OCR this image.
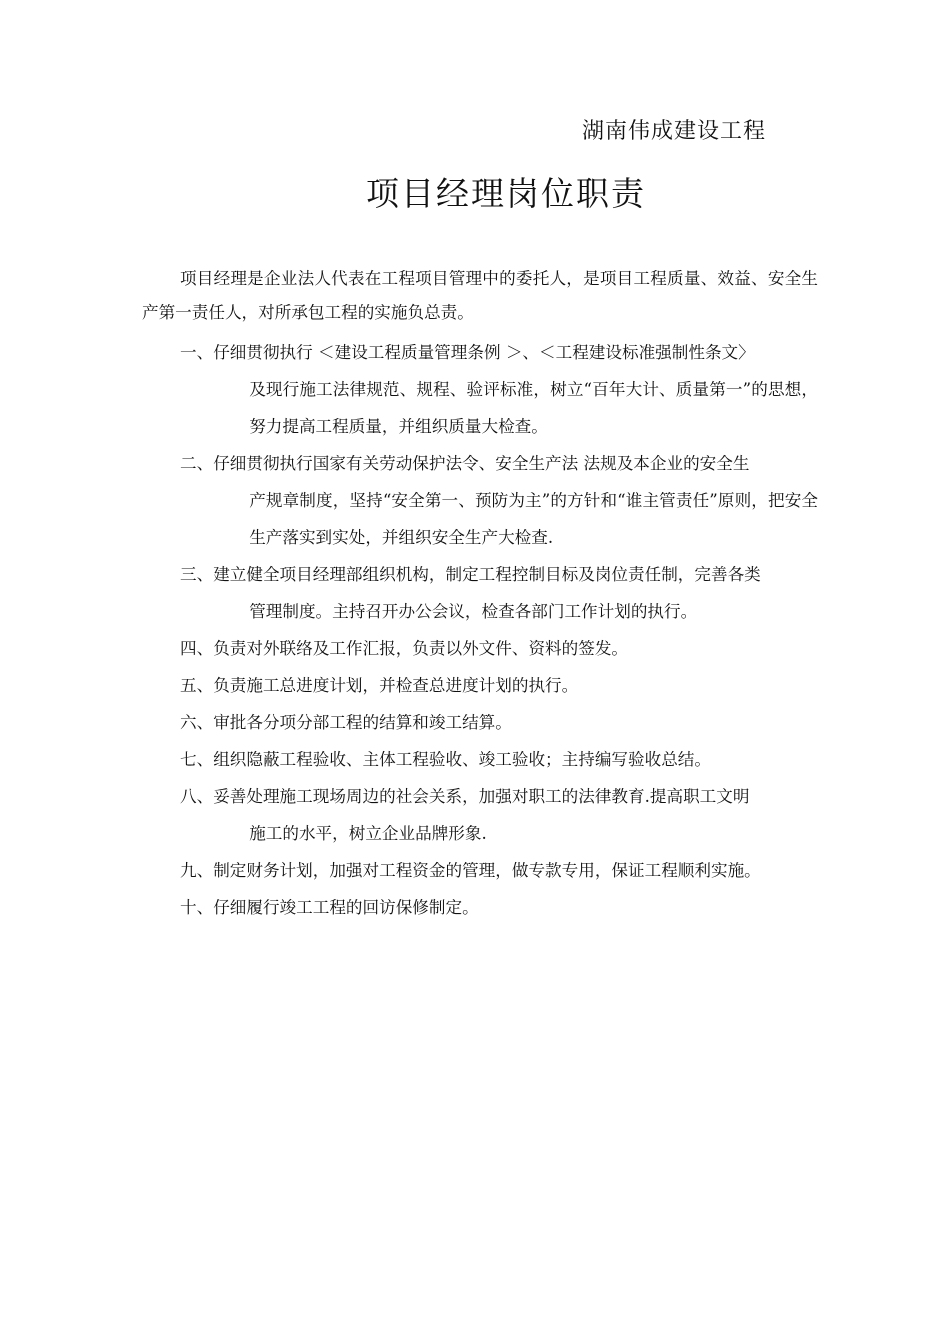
湖南伟成建设工程
项目经理岗位职责

项目经理是企业法人代表在工程项目管理中的委托人，是项目工程质量、效益、安全生产第一责任人，对所承包工程的实施负总责。

一、 仔细贯彻执行 ＜建设工程质量管理条例 ＞、＜工程建设标准强制性条文〉
及现行施工法律规范、规程、验评标准，树立“百年大计、质量第一”的思想，努力提高工程质量，并组织质量大检查。
二、 仔细贯彻执行国家有关劳动保护法令、安全生产法 法规及本企业的安全生
产规章制度，坚持“安全第一、预防为主”的方针和“谁主管责任”原则，把安全生产落实到实处，并组织安全生产大检查.
三、 建立健全项目经理部组织机构，制定工程控制目标及岗位责任制，完善各类
管理制度。主持召开办公会议，检查各部门工作计划的执行。
四、 负责对外联络及工作汇报，负责以外文件、资料的签发。
五、 负责施工总进度计划，并检查总进度计划的执行。
六、 审批各分项分部工程的结算和竣工结算。
七、 组织隐蔽工程验收、主体工程验收、竣工验收；主持编写验收总结。
八、 妥善处理施工现场周边的社会关系，加强对职工的法律教育.提高职工文明
施工的水平，树立企业品牌形象.
九、 制定财务计划，加强对工程资金的管理，做专款专用，保证工程顺利实施。
十、 仔细履行竣工工程的回访保修制定。
